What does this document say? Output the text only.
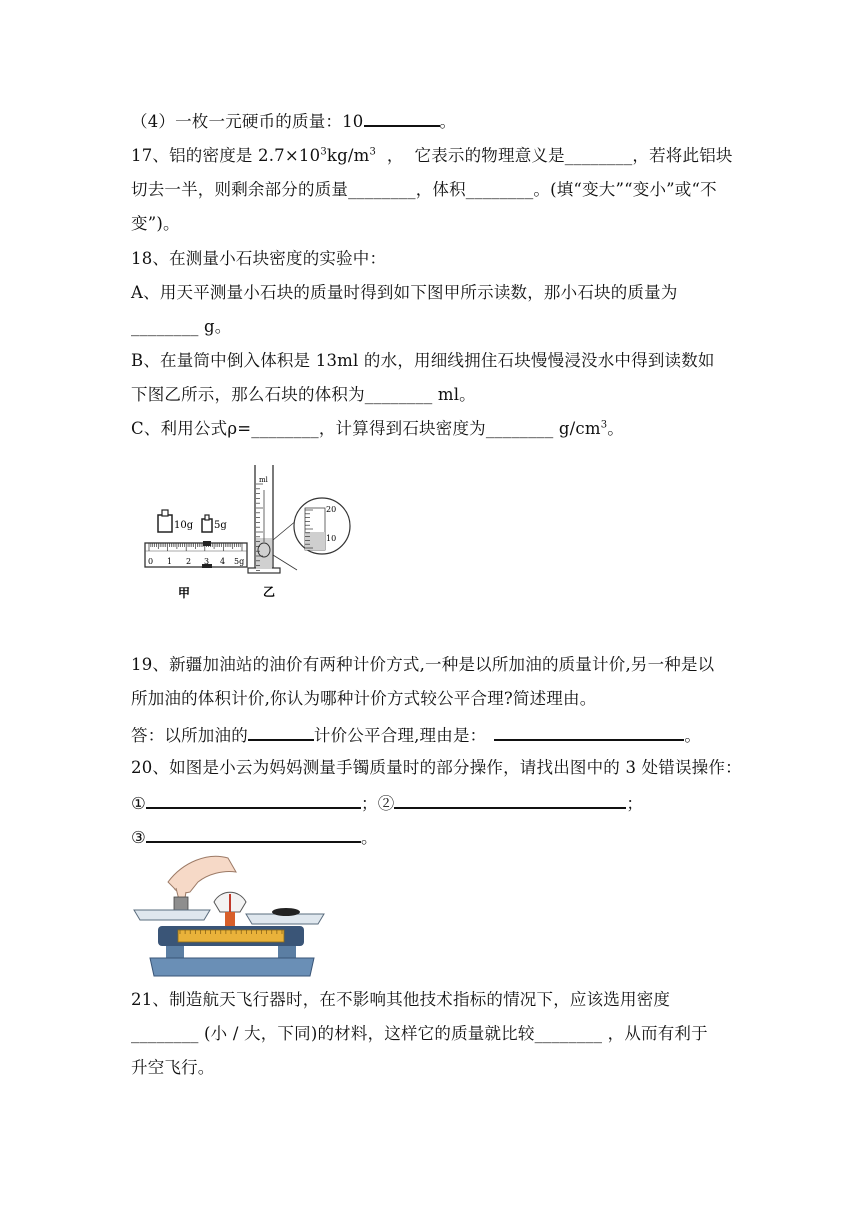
（4）一枚一元硬币的质量：10	。
17、铝的密度是 $2.7\times 10^3kg/m^3$  ，  它表示的物理意义是________，若将此铝块
切去一半，则剩余部分的质量________，体积________。(填“变大”“变小”或“不
变”)。
18、在测量小石块密度的实验中：
A、用天平测量小石块的质量时得到如下图甲所示读数，那小石块的质量为
________ g。
B、在量筒中倒入体积是 13ml 的水，用细线拥住石块慢慢浸没水中得到读数如
下图乙所示，那么石块的体积为________ ml。
C、利用公式ρ=________，计算得到石块密度为________ $g/cm^3$。
10g 5g
0 1 2 3 4 5g
甲
ml
乙
20
10
19、新疆加油站的油价有两种计价方式,一种是以所加油的质量计价,另一种是以
所加油的体积计价,你认为哪种计价方式较公平合理?简述理由。
答：以所加油的	计价公平合理,理由是：	。
20、如图是小云为妈妈测量手镯质量时的部分操作，请找出图中的 3 处错误操作：
①	；②	；
③	。
21、制造航天飞行器时，在不影响其他技术指标的情况下，应该选用密度
________ (小 / 大，下同)的材料，这样它的质量就比较________ ，从而有利于
升空飞行。
